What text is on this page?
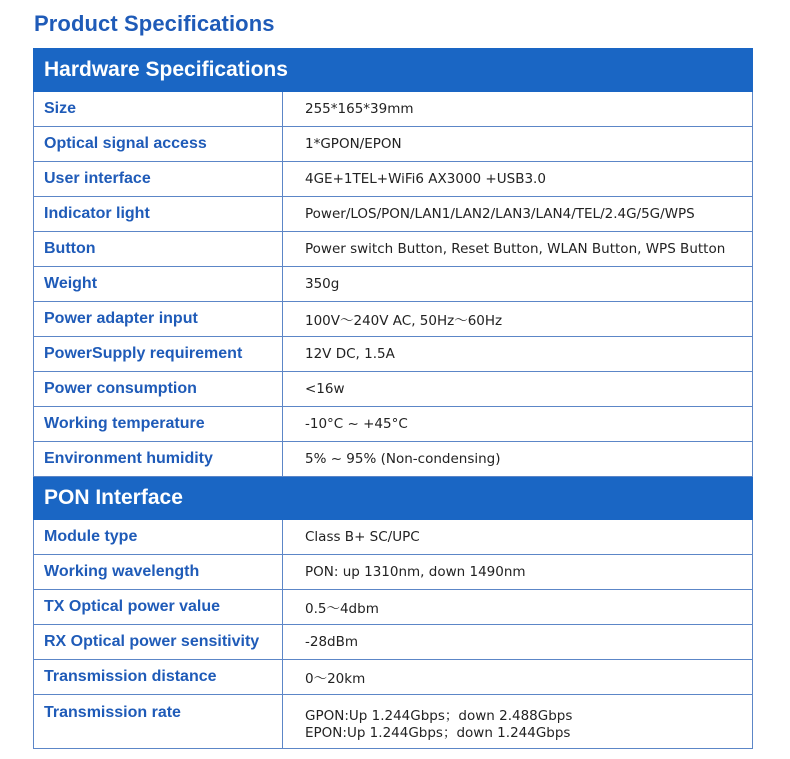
Product Specifications
Hardware Specifications	
Size	255*165*39mm
Optical signal access	1*GPON/EPON
User interface	4GE+1TEL+WiFi6 AX3000 +USB3.0
Indicator light	Power/LOS/PON/LAN1/LAN2/LAN3/LAN4/TEL/2.4G/5G/WPS
Button	Power switch Button, Reset Button, WLAN Button, WPS Button
Weight	350g
Power adapter input	100V～240V AC, 50Hz～60Hz
PowerSupply requirement	12V DC, 1.5A
Power consumption	<16w
Working temperature	-10°C ~ +45°C
Environment humidity	5% ~ 95% (Non-condensing)
PON Interface	
Module type	Class B+ SC/UPC
Working wavelength	PON: up 1310nm, down 1490nm
TX Optical power value	0.5～4dbm
RX Optical power sensitivity	-28dBm
Transmission distance	0～20km
Transmission rate	GPON:Up 1.244Gbps；down 2.488Gbps
EPON:Up 1.244Gbps；down 1.244Gbps
